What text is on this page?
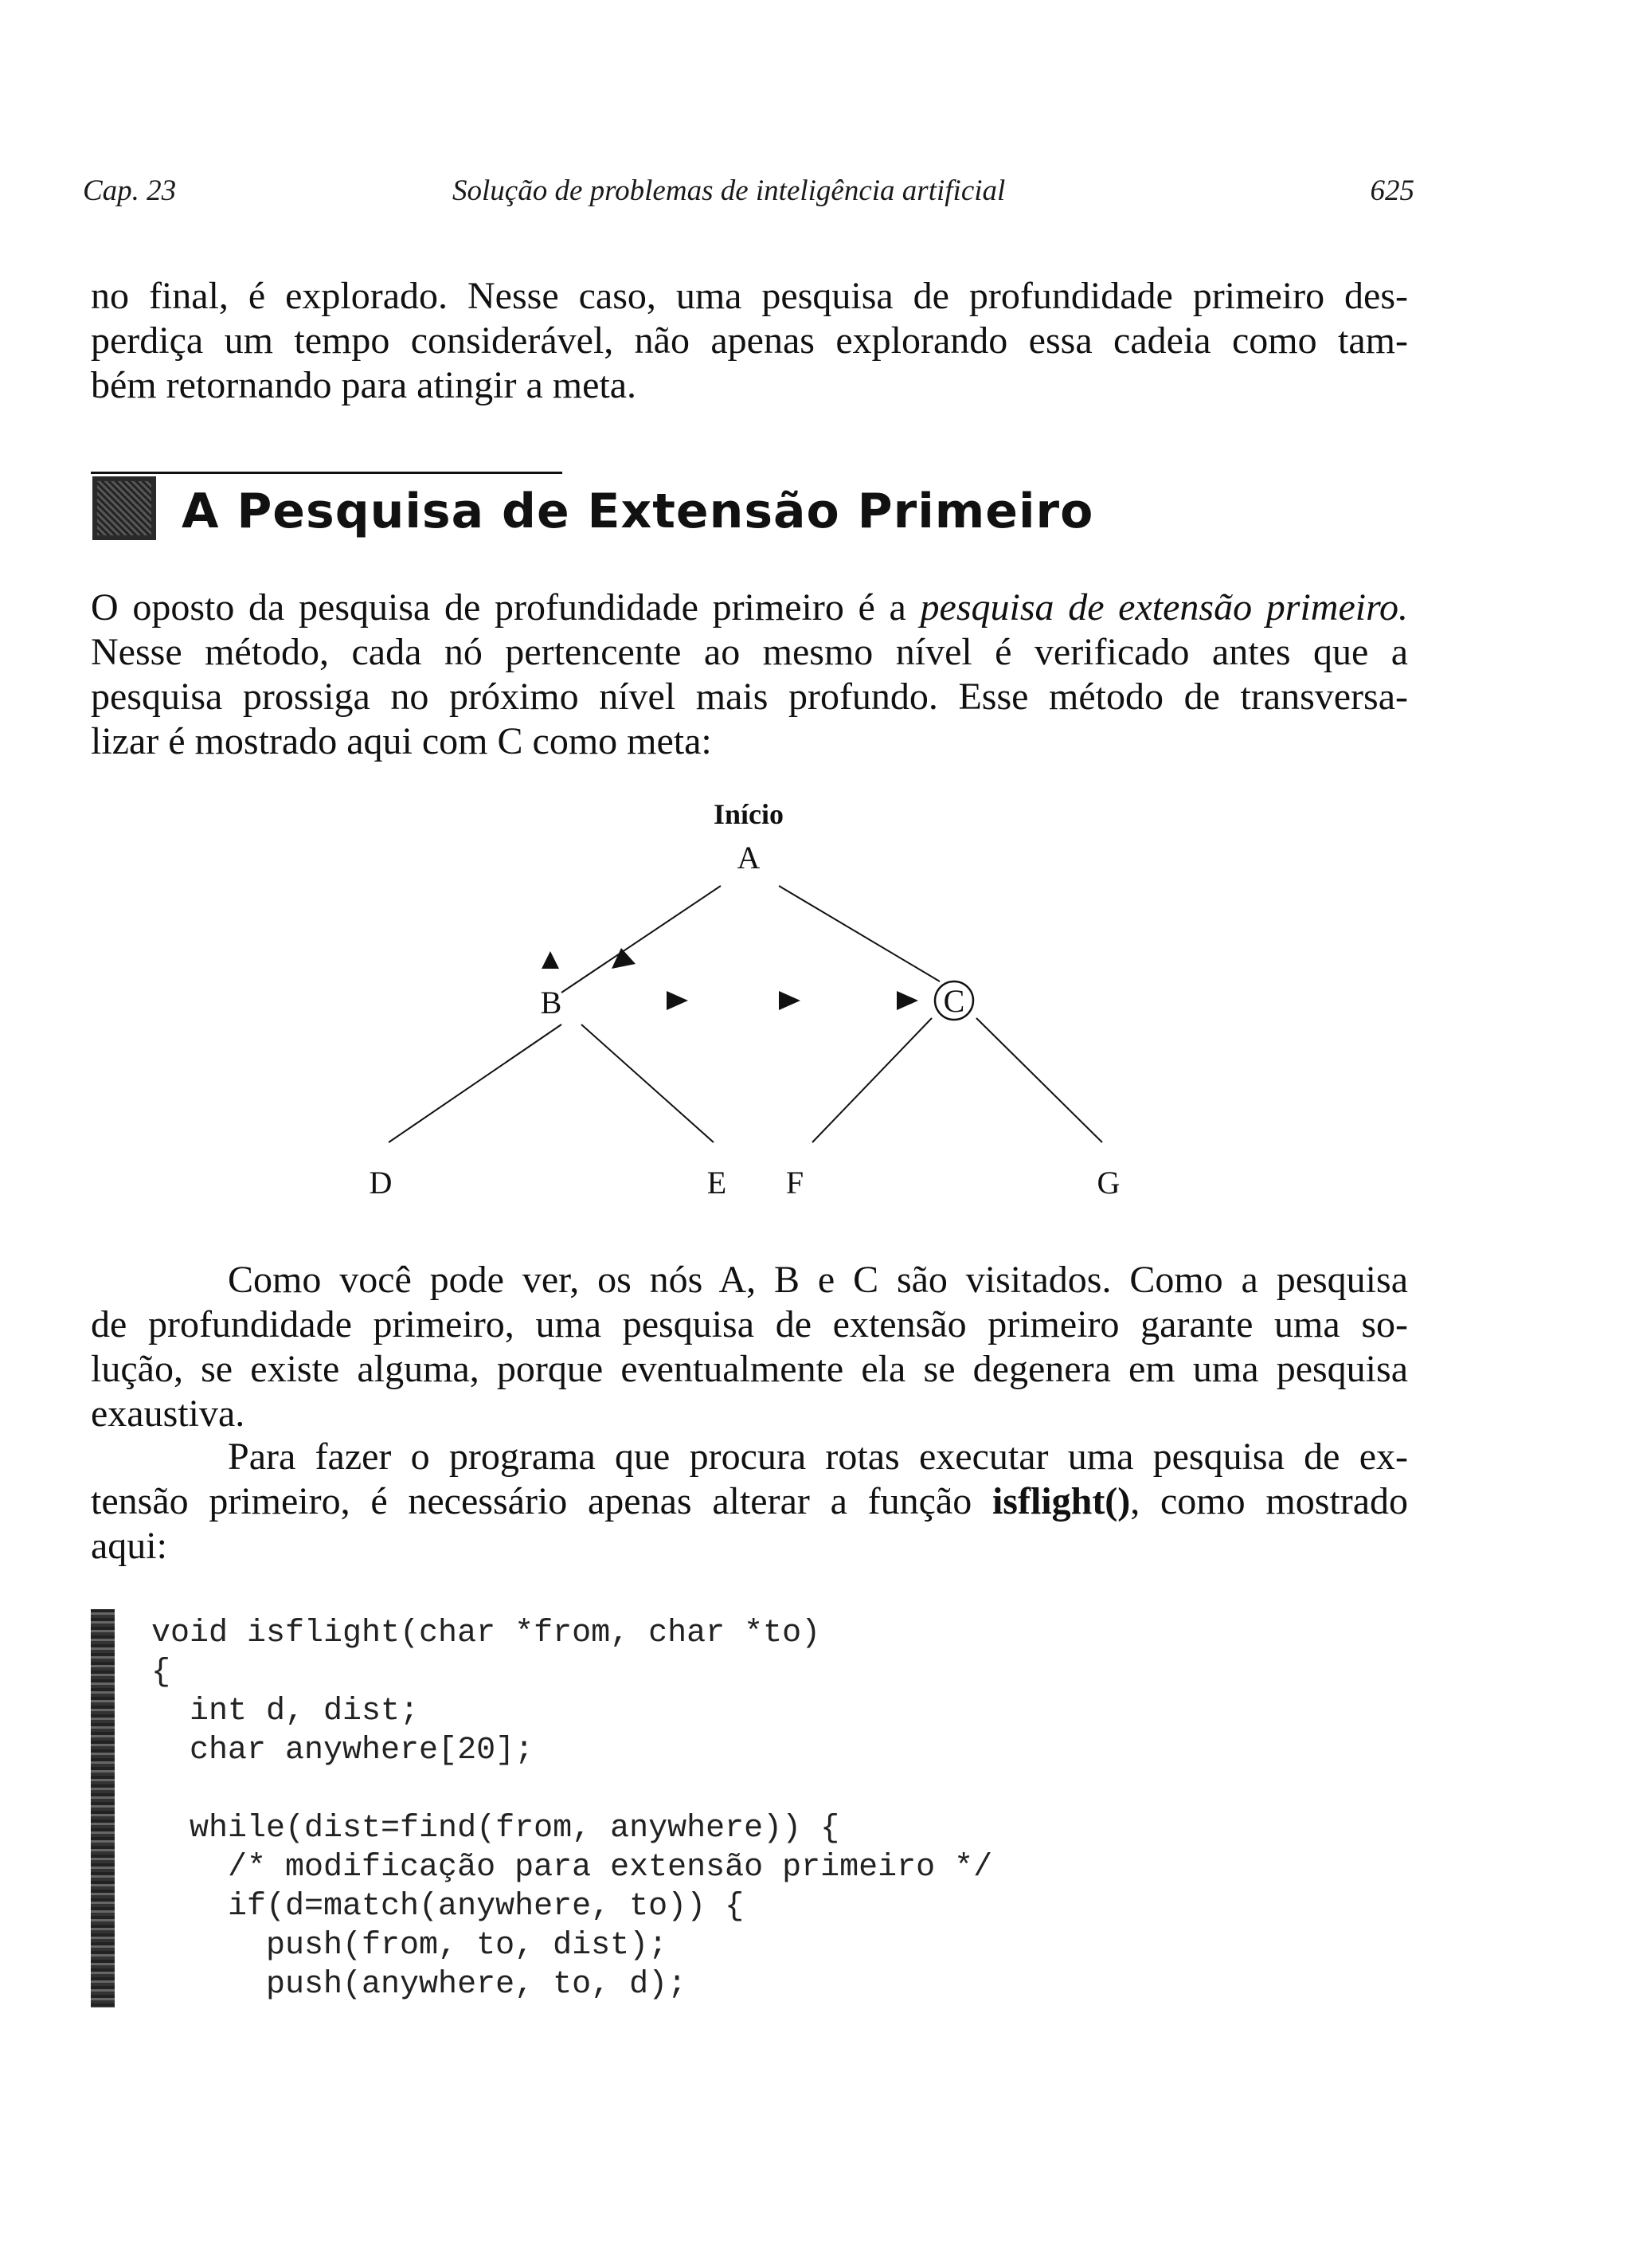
Cap. 23	Solução de problemas de inteligência artificial	625
no final, é explorado. Nesse caso, uma pesquisa de profundidade primeiro des-
perdiça um tempo considerável, não apenas explorando essa cadeia como tam-
bém retornando para atingir a meta.
A Pesquisa de Extensão Primeiro
O oposto da pesquisa de profundidade primeiro é a pesquisa de extensão primeiro.
Nesse método, cada nó pertencente ao mesmo nível é verificado antes que a
pesquisa prossiga no próximo nível mais profundo. Esse método de transversa-
lizar é mostrado aqui com C como meta:
Início
A
B	C
D	E F	G
Como você pode ver, os nós A, B e C são visitados. Como a pesquisa
de profundidade primeiro, uma pesquisa de extensão primeiro garante uma so-
lução, se existe alguma, porque eventualmente ela se degenera em uma pesquisa
exaustiva.
Para fazer o programa que procura rotas executar uma pesquisa de ex-
tensão primeiro, é necessário apenas alterar a função isflight(), como mostrado
aqui:
void isflight(char *from, char *to)
{
int d, dist;
char anywhere[20];
while(dist=find(from, anywhere)) {
/* modificação para extensão primeiro */
if(d=match(anywhere, to)) {
push(from, to, dist);
push(anywhere, to, d);
